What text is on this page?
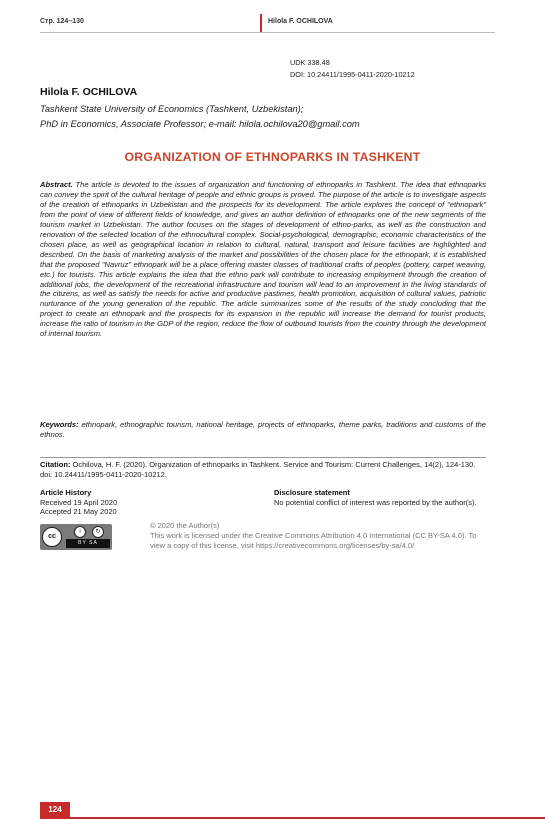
Стр. 124–130	Hilola F. OCHILOVA
UDK 338.48
DOI: 10.24411/1995-0411-2020-10212
Hilola F. OCHILOVA
Tashkent State University of Economics (Tashkent, Uzbekistan);
PhD in Economics, Associate Professor; e-mail: hilola.ochilova20@gmail.com
ORGANIZATION OF ETHNOPARKS IN TASHKENT
Abstract. The article is devoted to the issues of organization and functioning of ethnoparks in Tashkent. The idea that ethnoparks can convey the spirit of the cultural heritage of people and ethnic groups is proved. The purpose of the article is to investigate aspects of the creation of ethnoparks in Uzbekistan and the prospects for its development. The article explores the concept of "ethnopark" from the point of view of different fields of knowledge, and gives an author definition of ethnoparks one of the new segments of the tourism market in Uzbekistan. The author focuses on the stages of development of ethno-parks, as well as the construction and renovation of the selected location of the ethnocultural complex. Social-psychological, demographic, economic characteristics of the chosen place, as well as geographical location in relation to cultural, natural, transport and leisure facilities are highlighted and described. On the basis of marketing analysis of the market and possibilities of the chosen place for the ethnopark, it is established that the proposed "Navruz" ethnopark will be a place offering master classes of traditional crafts of peoples (pottery, carpet weaving, etc.) for tourists. This article explains the idea that the ethno park will contribute to increasing employment through the creation of additional jobs, the development of the recreational infrastructure and tourism will lead to an improvement in the living standards of the citizens, as well as satisfy the needs for active and productive pastimes, health promotion, acquisition of cultural values, patriotic nurturance of the young generation of the republic. The article summarizes some of the results of the study concluding that the project to create an ethnopark and the prospects for its expansion in the republic will increase the demand for tourist products, increase the ratio of tourism in the GDP of the region, reduce the flow of outbound tourists from the country through the development of internal tourism.
Keywords: ethnopark, ethnographic tourism, national heritage, projects of ethnoparks, theme parks, traditions and customs of the ethnos.
Citation: Ochilova, H. F. (2020). Organization of ethnoparks in Tashkent. Service and Tourism: Current Challenges, 14(2), 124-130. doi: 10.24411/1995-0411-2020-10212.
Article History
Received 19 April 2020
Accepted 21 May 2020
Disclosure statement
No potential conflict of interest was reported by the author(s).
cc
i	↻
BY SA
© 2020 the Author(s)
This work is licensed under the Creative Commons Attribution 4.0 International (CC BY-SA 4.0). To view a copy of this license, visit https://creativecommons.org/licenses/by-sa/4.0/
124
